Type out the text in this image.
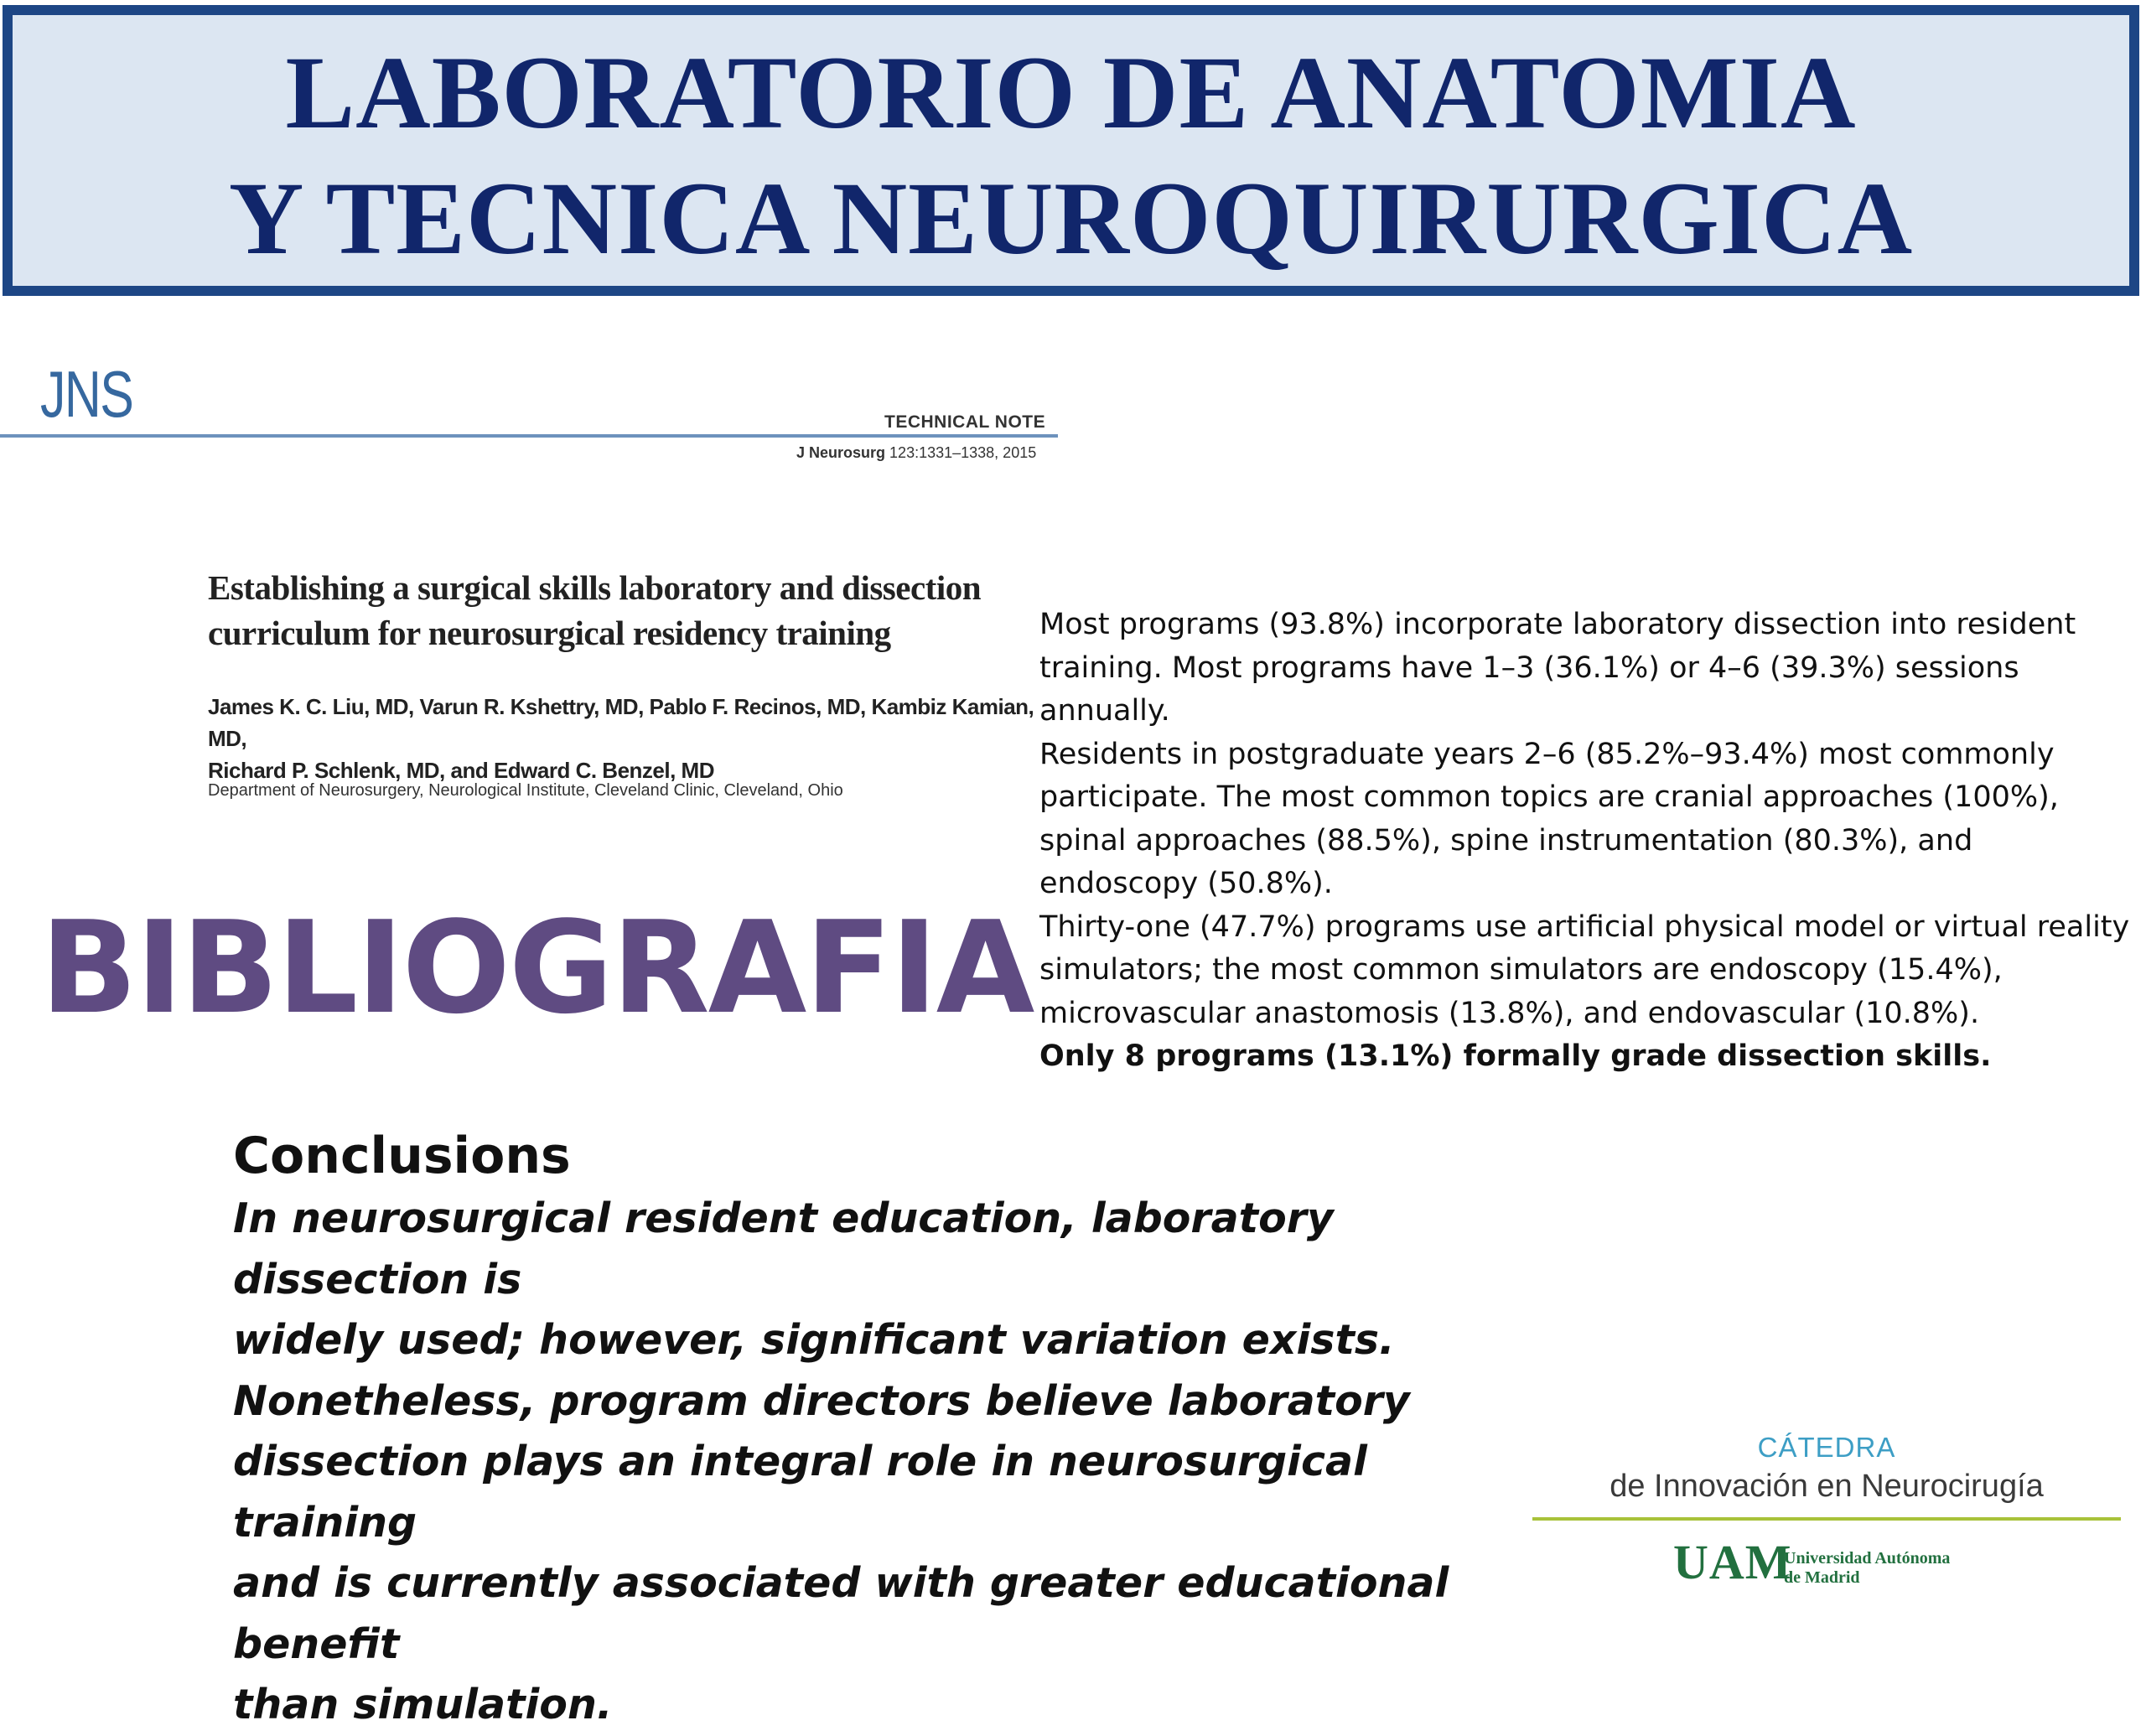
LABORATORIO DE ANATOMIA
Y TECNICA NEUROQUIRURGICA
JNS	TECHNICAL NOTE
J Neurosurg 123:1331–1338, 2015
Establishing a surgical skills laboratory and dissection
curriculum for neurosurgical residency training
James K. C. Liu, MD, Varun R. Kshettry, MD, Pablo F. Recinos, MD, Kambiz Kamian, MD,
Richard P. Schlenk, MD, and Edward C. Benzel, MD
Department of Neurosurgery, Neurological Institute, Cleveland Clinic, Cleveland, Ohio
BIBLIOGRAFIA

Most programs (93.8%) incorporate laboratory dissection into resident training. Most programs have 1–3 (36.1%) or 4–6 (39.3%) sessions annually.

Residents in postgraduate years 2–6 (85.2%–93.4%) most commonly participate. The most common topics are cranial approaches (100%), spinal approaches (88.5%), spine instrumentation (80.3%), and endoscopy (50.8%).

Thirty-one (47.7%) programs use artificial physical model or virtual reality simulators; the most common simulators are endoscopy (15.4%), microvascular anastomosis (13.8%), and endovascular (10.8%).

Only 8 programs (13.1%) formally grade dissection skills.

Conclusions
In neurosurgical resident education, laboratory dissection is
widely used; however, significant variation exists.
Nonetheless, program directors believe laboratory
dissection plays an integral role in neurosurgical training
and is currently associated with greater educational benefit
than simulation.
CÁTEDRA
de Innovación en Neurocirugía
UAM
Universidad Autónoma
de Madrid
